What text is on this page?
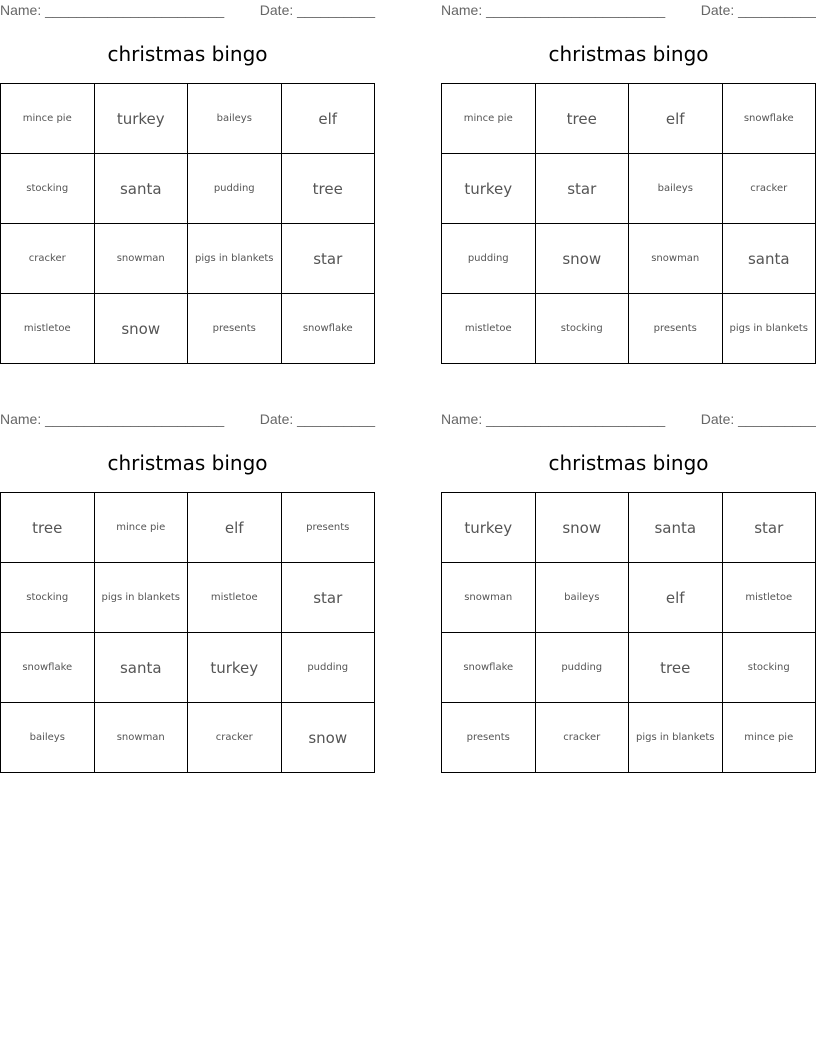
Name: _______________________	Date: __________
christmas bingo
mince pie	turkey	baileys	elf
stocking	santa	pudding	tree
cracker	snowman	pigs in blankets	star
mistletoe	snow	presents	snowflake
Name: _______________________	Date: __________
christmas bingo
mince pie	tree	elf	snowflake
turkey	star	baileys	cracker
pudding	snow	snowman	santa
mistletoe	stocking	presents	pigs in blankets
Name: _______________________	Date: __________
christmas bingo
tree	mince pie	elf	presents
stocking	pigs in blankets	mistletoe	star
snowflake	santa	turkey	pudding
baileys	snowman	cracker	snow
Name: _______________________	Date: __________
christmas bingo
turkey	snow	santa	star
snowman	baileys	elf	mistletoe
snowflake	pudding	tree	stocking
presents	cracker	pigs in blankets	mince pie
